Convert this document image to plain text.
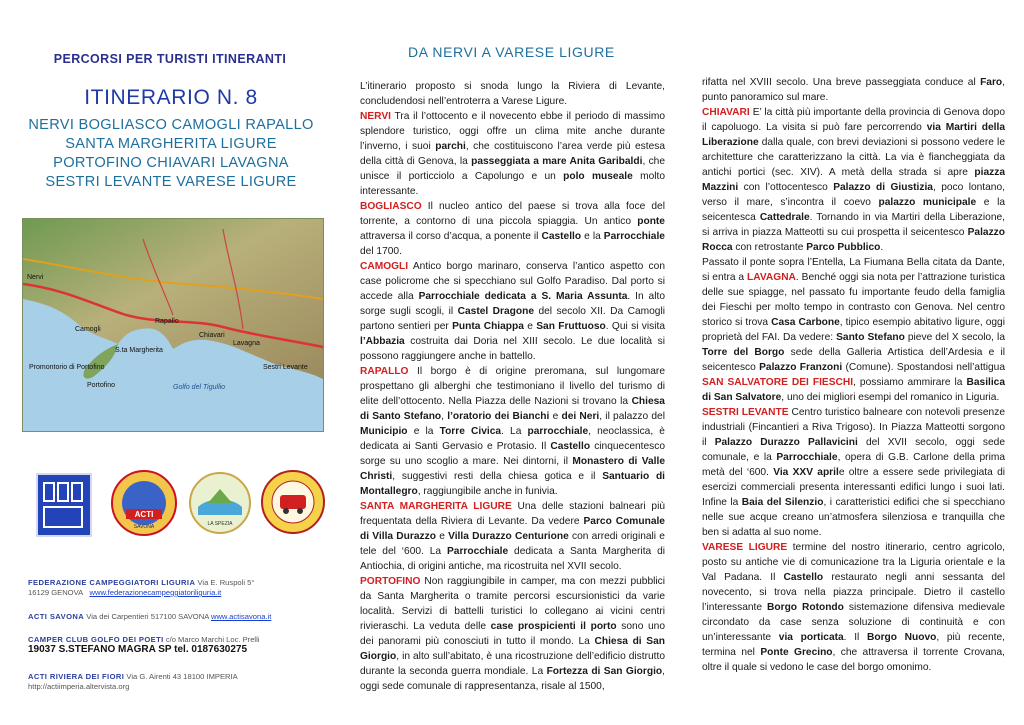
PERCORSI PER TURISTI ITINERANTI
ITINERARIO N. 8
NERVI BOGLIASCO CAMOGLI RAPALLO
SANTA MARGHERITA LIGURE
PORTOFINO CHIAVARI LAVAGNA
SESTRI LEVANTE VARESE LIGURE
Nervi
Camogli
Rapallo
S.ta Margherita
Portofino
Promontorio di Portofino
Chiavari
Lavagna
Sestri Levante
Golfo del Tigullio
ACTI
SAVONA	LA SPEZIA
FEDERAZIONE CAMPEGGIATORI LIGURIA Via E. Ruspoli 5°
16129 GENOVA www.federazionecampeggiatoriliguria.it
ACTI SAVONA Via dei Carpentieri 517100 SAVONA www.actisavona.it
CAMPER CLUB GOLFO DEI POETI c/o Marco Marchi Loc. Prelli
19037 S.STEFANO MAGRA SP tel. 0187630275
ACTI RIVIERA DEI FIORI Via G. Airenti 43 18100 IMPERIA
http://actiimperia.altervista.org
DA NERVI A VARESE LIGURE

L’itinerario proposto si snoda lungo la Riviera di Levante, concludendosi nell’entroterra a Varese Ligure.

NERVI Tra il l’ottocento e il novecento ebbe il periodo di massimo splendore turistico, oggi offre un clima mite anche durante l’inverno, i suoi parchi, che costituiscono l’area verde più estesa della città di Genova, la passeggiata a mare Anita Garibaldi, che unisce il porticciolo a Capolungo e un polo museale molto interessante.

BOGLIASCO Il nucleo antico del paese si trova alla foce del torrente, a contorno di una piccola spiaggia. Un antico ponte attraversa il corso d’acqua, a ponente il Castello e la Parrocchiale del 1700.

CAMOGLI Antico borgo marinaro, conserva l’antico aspetto con case policrome che si specchiano sul Golfo Paradiso. Dal porto si accede alla Parrocchiale dedicata a S. Maria Assunta. In alto sorge sugli scogli, il Castel Dragone del secolo XII. Da Camogli partono sentieri per Punta Chiappa e San Fruttuoso. Qui si visita l’Abbazia costruita dai Doria nel XIII secolo. Le due località si possono raggiungere anche in battello.

RAPALLO Il borgo è di origine preromana, sul lungomare prospettano gli alberghi che testimoniano il livello del turismo di elite dell’ottocento. Nella Piazza delle Nazioni si trovano la Chiesa di Santo Stefano, l’oratorio dei Bianchi e dei Neri, il palazzo del Municipio e la Torre Civica. La parrocchiale, neoclassica, è dedicata ai Santi Gervasio e Protasio. Il Castello cinquecentesco sorge su uno scoglio a mare. Nei dintorni, il Monastero di Valle Christi, suggestivi resti della chiesa gotica e il Santuario di Montallegro, raggiungibile anche in funivia.

SANTA MARGHERITA LIGURE Una delle stazioni balneari più frequentata della Riviera di Levante. Da vedere Parco Comunale di Villa Durazzo e Villa Durazzo Centurione con arredi originali e tele del ‘600. La Parrocchiale dedicata a Santa Margherita di Antiochia, di origini antiche, ma ricostruita nel XVII secolo.

PORTOFINO Non raggiungibile in camper, ma con mezzi pubblici da Santa Margherita o tramite percorsi escursionistici da varie località. Servizi di battelli turistici lo collegano ai vicini centri rivieraschi. La veduta delle case prospicienti il porto sono uno dei panorami più conosciuti in tutto il mondo. La Chiesa di San Giorgio, in alto sull’abitato, è una ricostruzione dell’edificio distrutto durante la seconda guerra mondiale. La Fortezza di San Giorgio, oggi sede comunale di rappresentanza, risale al 1500,

rifatta nel XVIII secolo. Una breve passeggiata conduce al Faro, punto panoramico sul mare.

CHIAVARI E’ la città più importante della provincia di Genova dopo il capoluogo. La visita si può fare percorrendo via Martiri della Liberazione dalla quale, con brevi deviazioni si possono vedere le architetture che caratterizzano la città. La via è fiancheggiata da antichi portici (sec. XIV). A metà della strada si apre piazza Mazzini con l’ottocentesco Palazzo di Giustizia, poco lontano, verso il mare, s’incontra il coevo palazzo municipale e la seicentesca Cattedrale. Tornando in via Martiri della Liberazione, si arriva in piazza Matteotti su cui prospetta il seicentesco Palazzo Rocca con retrostante Parco Pubblico.

Passato il ponte sopra l’Entella, La Fiumana Bella citata da Dante, si entra a LAVAGNA. Benché oggi sia nota per l’attrazione turistica delle sue spiagge, nel passato fu importante feudo della famiglia dei Fieschi per molto tempo in contrasto con Genova. Nel centro storico si trova Casa Carbone, tipico esempio abitativo ligure, oggi proprietà del FAI. Da vedere: Santo Stefano pieve del X secolo, la Torre del Borgo sede della Galleria Artistica dell’Ardesia e il seicentesco Palazzo Franzoni (Comune). Spostandosi nell’attigua SAN SALVATORE DEI FIESCHI, possiamo ammirare la Basilica di San Salvatore, uno dei migliori esempi del romanico in Liguria.

SESTRI LEVANTE Centro turistico balneare con notevoli presenze industriali (Fincantieri a Riva Trigoso). In Piazza Matteotti sorgono il Palazzo Durazzo Pallavicini del XVII secolo, oggi sede comunale, e la Parrocchiale, opera di G.B. Carlone della prima metà del ‘600. Via XXV aprile oltre a essere sede privilegiata di esercizi commerciali presenta interessanti edifici lungo i suoi lati. Infine la Baia del Silenzio, i caratteristici edifici che si specchiano nelle sue acque creano un’atmosfera silenziosa e tranquilla che ben si adatta al suo nome.

VARESE LIGURE termine del nostro itinerario, centro agricolo, posto su antiche vie di comunicazione tra la Liguria orientale e la Val Padana. Il Castello restaurato negli anni sessanta del novecento, si trova nella piazza principale. Dietro il castello l’interessante Borgo Rotondo sistemazione difensiva medievale circondato da case senza soluzione di continuità e con un’interessante via porticata. Il Borgo Nuovo, più recente, termina nel Ponte Grecino, che attraversa il torrente Crovana, oltre il quale si vedono le case del borgo omonimo.
